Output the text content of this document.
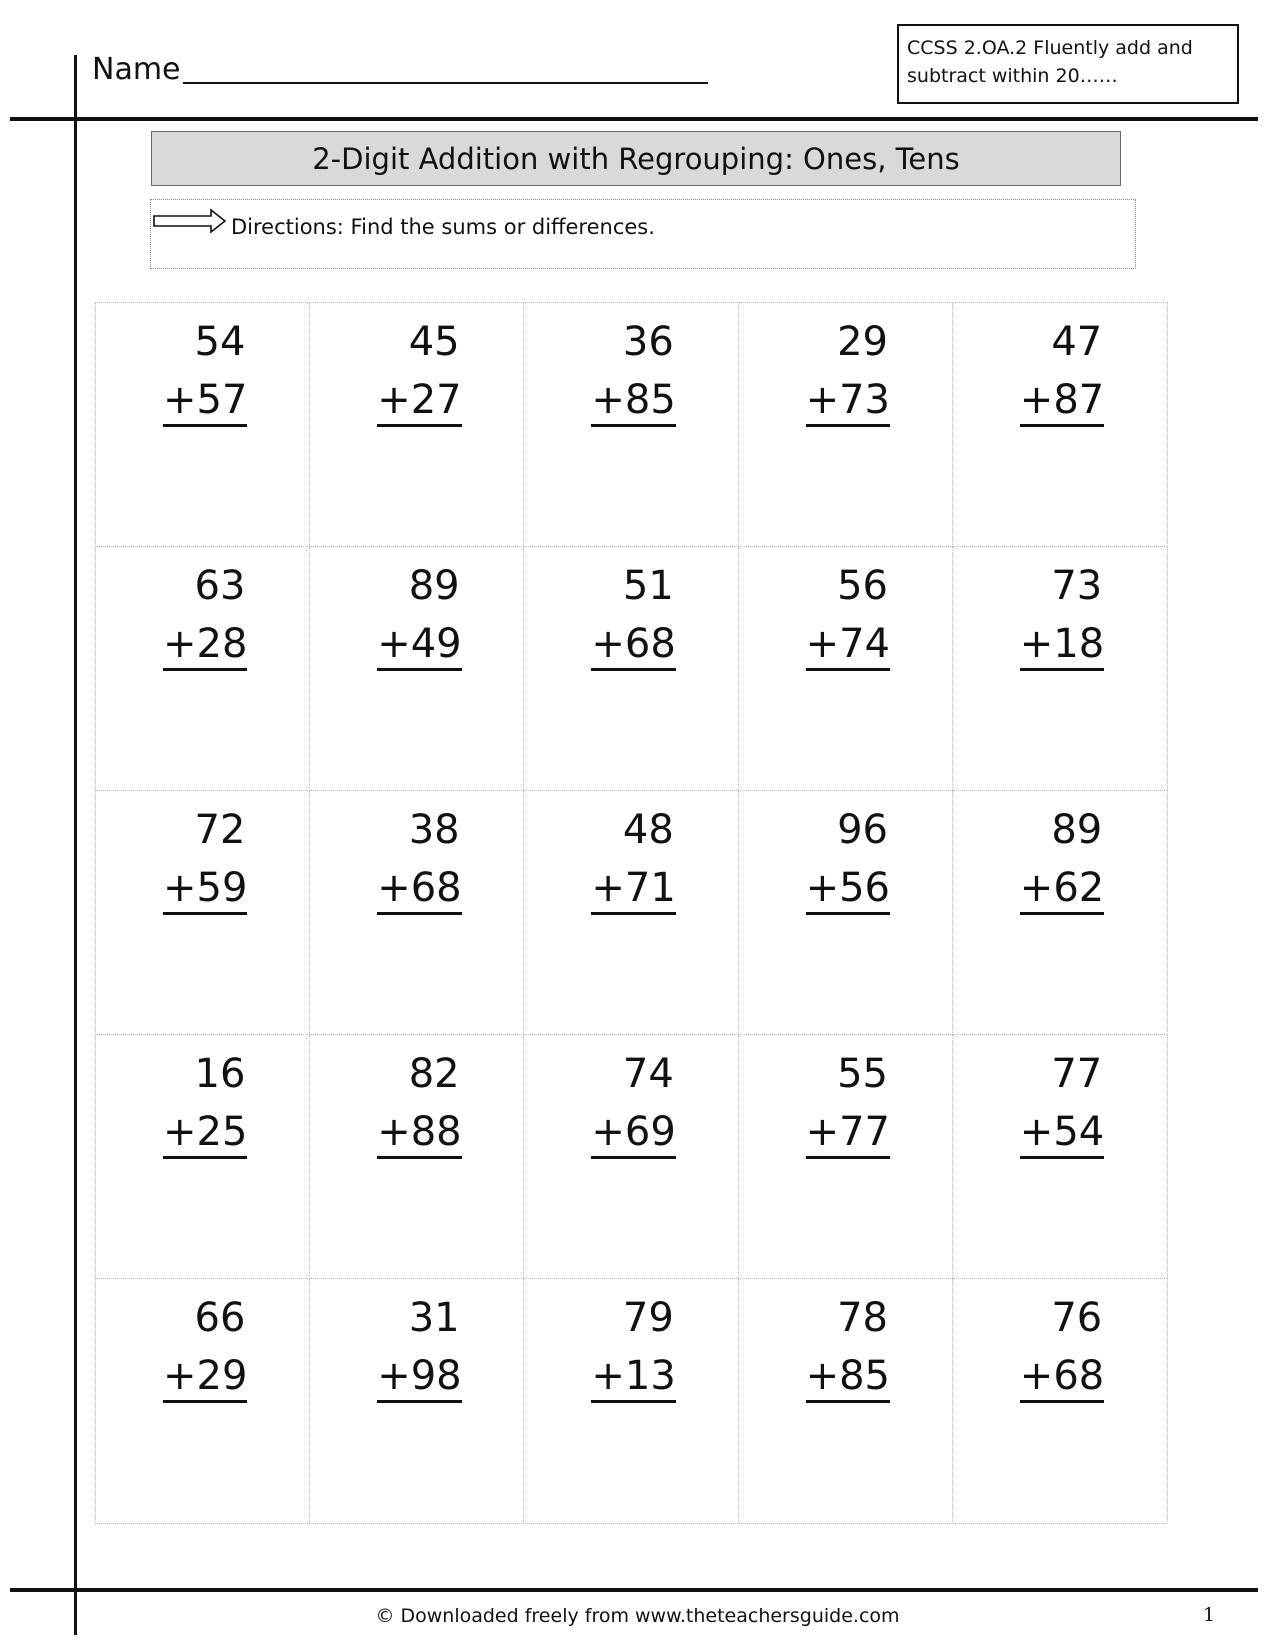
Name
CCSS 2.OA.2 Fluently add and
subtract within 20……
2-Digit Addition with Regrouping: Ones, Tens
Directions: Find the sums or differences.
54
+57
45
+27
36
+85
29
+73
47
+87
63
+28
89
+49
51
+68
56
+74
73
+18
72
+59
38
+68
48
+71
96
+56
89
+62
16
+25
82
+88
74
+69
55
+77
77
+54
66
+29
31
+98
79
+13
78
+85
76
+68
© Downloaded freely from www.theteachersguide.com	1
